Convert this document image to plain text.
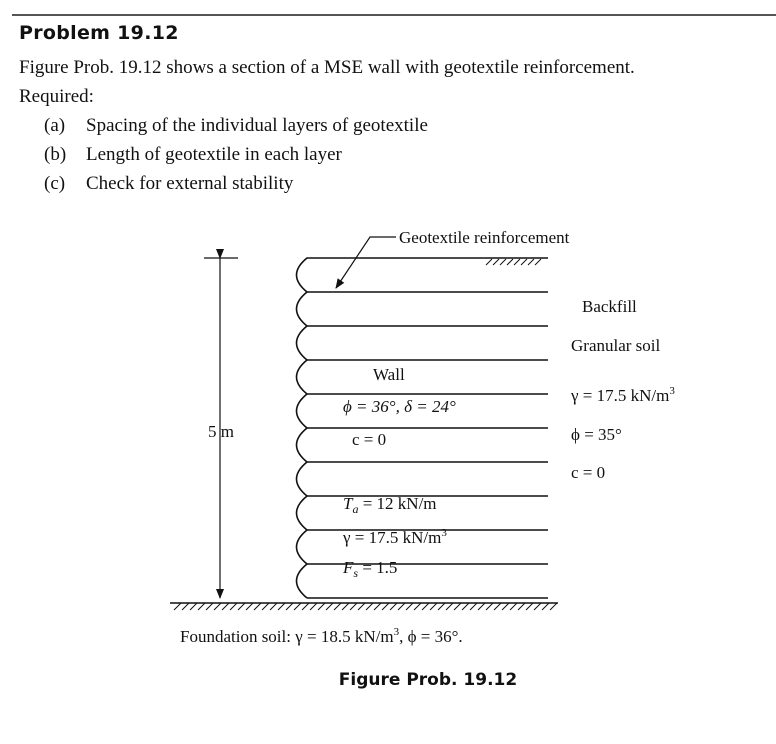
Problem 19.12
Figure Prob. 19.12 shows a section of a MSE wall with geotextile reinforcement.
Required:
(a)	Spacing of the individual layers of geotextile
(b)	Length of geotextile in each layer
(c)	Check for external stability
5 m
Geotextile reinforcement
Wall
ϕ = 36°, δ = 24°
c = 0
$T_a = 12$ kN/m
γ = 17.5 $kN/m^3$
$F_s = 1.5$
Backfill
Granular soil
γ = 17.5 $kN/m^3$
ϕ = 35°
c = 0
Foundation soil: γ = 18.5 $kN/m^3$, ϕ = 36°.
Figure Prob. 19.12
